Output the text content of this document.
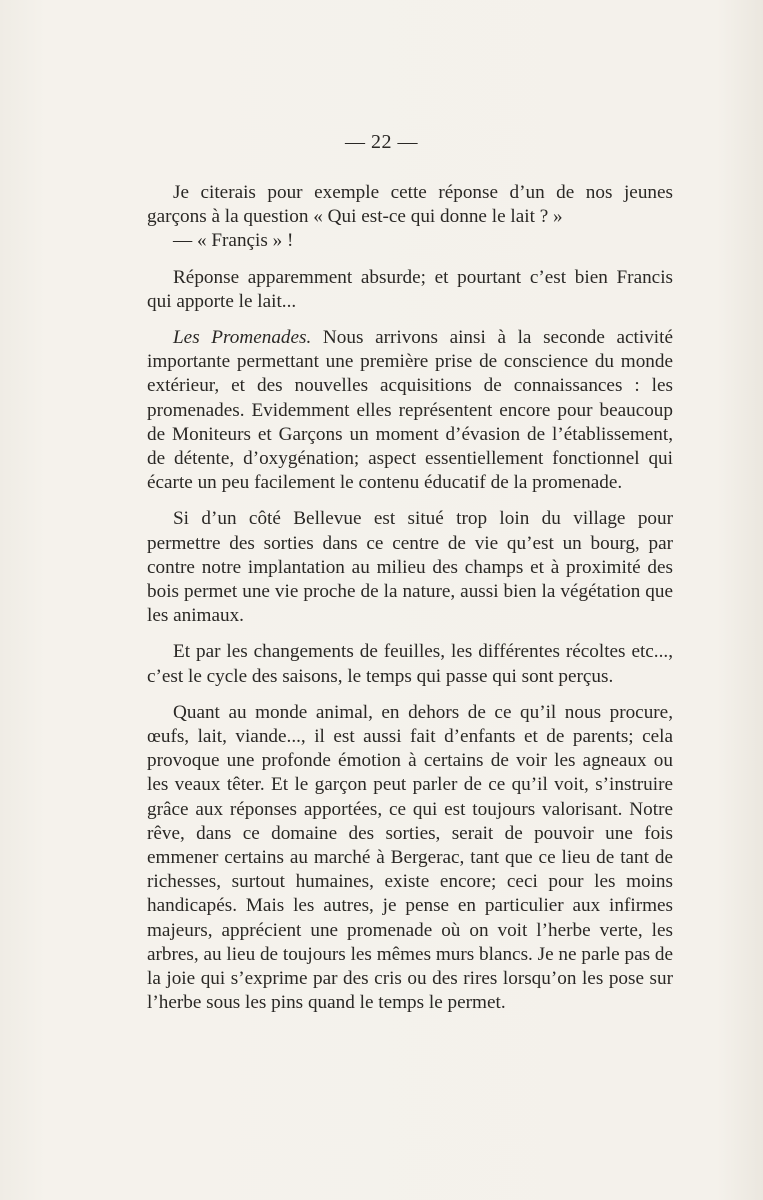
— 22 —

Je citerais pour exemple cette réponse d’un de nos jeunes garçons à la question « Qui est-ce qui donne le lait ? »

— « Françis » !

Réponse apparemment absurde; et pourtant c’est bien Francis qui apporte le lait...

Les Promenades. Nous arrivons ainsi à la seconde activité importante permettant une première prise de conscience du monde extérieur, et des nouvelles acquisitions de connaissances : les promenades. Evidemment elles représentent encore pour beaucoup de Moniteurs et Garçons un moment d’évasion de l’établissement, de détente, d’oxygénation; aspect essentiellement fonctionnel qui écarte un peu facilement le contenu éducatif de la promenade.

Si d’un côté Bellevue est situé trop loin du village pour permettre des sorties dans ce centre de vie qu’est un bourg, par contre notre implantation au milieu des champs et à proximité des bois permet une vie proche de la nature, aussi bien la végétation que les animaux.

Et par les changements de feuilles, les différentes récoltes etc..., c’est le cycle des saisons, le temps qui passe qui sont perçus.

Quant au monde animal, en dehors de ce qu’il nous procure, œufs, lait, viande..., il est aussi fait d’enfants et de parents; cela provoque une profonde émotion à certains de voir les agneaux ou les veaux têter. Et le garçon peut parler de ce qu’il voit, s’instruire grâce aux réponses apportées, ce qui est toujours valorisant. Notre rêve, dans ce domaine des sorties, serait de pouvoir une fois emmener certains au marché à Bergerac, tant que ce lieu de tant de richesses, surtout humaines, existe encore; ceci pour les moins handicapés. Mais les autres, je pense en particulier aux infirmes majeurs, apprécient une promenade où on voit l’herbe verte, les arbres, au lieu de toujours les mêmes murs blancs. Je ne parle pas de la joie qui s’exprime par des cris ou des rires lorsqu’on les pose sur l’herbe sous les pins quand le temps le permet.
